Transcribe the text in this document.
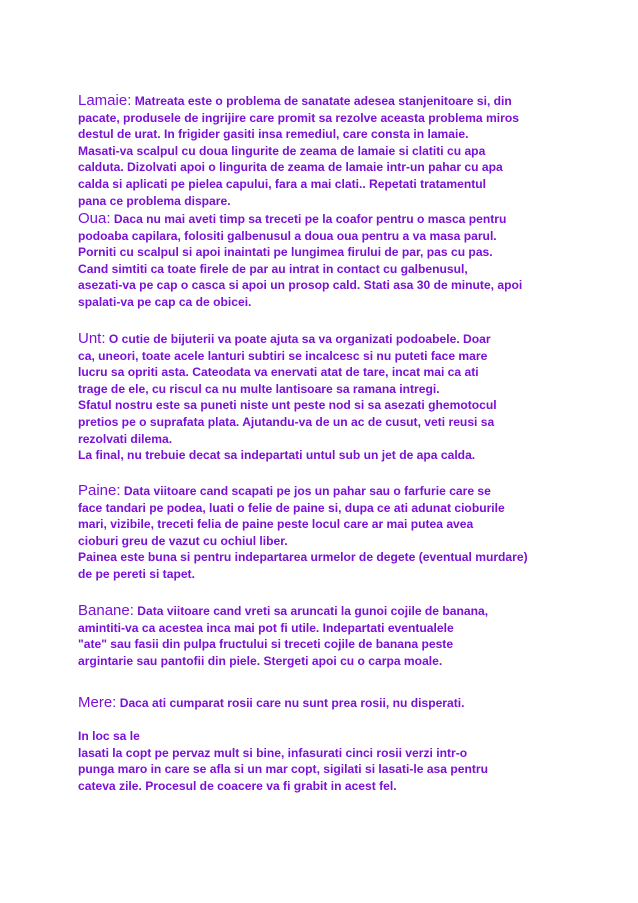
Lamaie: Matreata este o problema de sanatate adesea stanjenitoare si, din
pacate, produsele de ingrijire care promit sa rezolve aceasta problema miros
destul de urat. In frigider gasiti insa remediul, care consta in lamaie.
Masati-va scalpul cu doua lingurite de zeama de lamaie si clatiti cu apa
calduta. Dizolvati apoi o lingurita de zeama de lamaie intr-un pahar cu apa
calda si aplicati pe pielea capului, fara a mai clati.. Repetati tratamentul
pana ce problema dispare.
Oua: Daca nu mai aveti timp sa treceti pe la coafor pentru o masca pentru
podoaba capilara, folositi galbenusul a doua oua pentru a va masa parul.
Porniti cu scalpul si apoi inaintati pe lungimea firului de par, pas cu pas.
Cand simtiti ca toate firele de par au intrat in contact cu galbenusul,
asezati-va pe cap o casca si apoi un prosop cald. Stati asa 30 de minute, apoi
spalati-va pe cap ca de obicei.
Unt: O cutie de bijuterii va poate ajuta sa va organizati podoabele. Doar
ca, uneori, toate acele lanturi subtiri se incalcesc si nu puteti face mare
lucru sa opriti asta. Cateodata va enervati atat de tare, incat mai ca ati
trage de ele, cu riscul ca nu multe lantisoare sa ramana intregi.
Sfatul nostru este sa puneti niste unt peste nod si sa asezati ghemotocul
pretios pe o suprafata plata. Ajutandu-va de un ac de cusut, veti reusi sa
rezolvati dilema.
La final, nu trebuie decat sa indepartati untul sub un jet de apa calda.
Paine: Data viitoare cand scapati pe jos un pahar sau o farfurie care se
face tandari pe podea, luati o felie de paine si, dupa ce ati adunat cioburile
mari, vizibile, treceti felia de paine peste locul care ar mai putea avea
cioburi greu de vazut cu ochiul liber.
Painea este buna si pentru indepartarea urmelor de degete (eventual murdare)
de pe pereti si tapet.
Banane: Data viitoare cand vreti sa aruncati la gunoi cojile de banana,
amintiti-va ca acestea inca mai pot fi utile. Indepartati eventualele
"ate" sau fasii din pulpa fructului si treceti cojile de banana peste
argintarie sau pantofii din piele. Stergeti apoi cu o carpa moale.
Mere: Daca ati cumparat rosii care nu sunt prea rosii, nu disperati.
In loc sa le
lasati la copt pe pervaz mult si bine, infasurati cinci rosii verzi intr-o
punga maro in care se afla si un mar copt, sigilati si lasati-le asa pentru
cateva zile. Procesul de coacere va fi grabit in acest fel.
